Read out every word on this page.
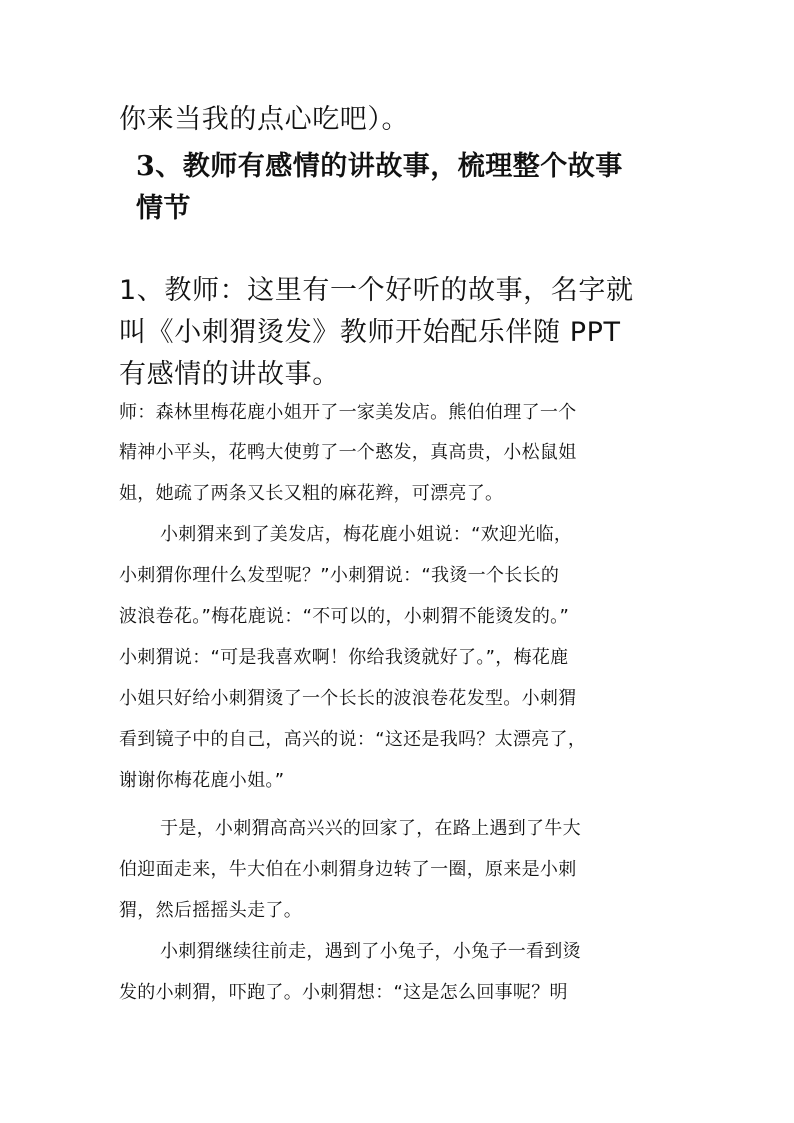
你来当我的点心吃吧）。

3、教师有感情的讲故事，梳理整个故事

情节

1、教师：这里有一个好听的故事，名字就

叫《小刺猬烫发》教师开始配乐伴随 PPT

有感情的讲故事。

师：森林里梅花鹿小姐开了一家美发店。熊伯伯理了一个

精神小平头，花鸭大使剪了一个憨发，真高贵，小松鼠姐

姐，她疏了两条又长又粗的麻花辫，可漂亮了。

小刺猬来到了美发店，梅花鹿小姐说：“欢迎光临，

小刺猬你理什么发型呢？”小刺猬说：“我烫一个长长的

波浪卷花。”梅花鹿说：“不可以的，小刺猬不能烫发的。”

小刺猬说：“可是我喜欢啊！你给我烫就好了。”，梅花鹿

小姐只好给小刺猬烫了一个长长的波浪卷花发型。小刺猬

看到镜子中的自己，高兴的说：“这还是我吗？太漂亮了，

谢谢你梅花鹿小姐。”

于是，小刺猬高高兴兴的回家了，在路上遇到了牛大

伯迎面走来，牛大伯在小刺猬身边转了一圈，原来是小刺

猬，然后摇摇头走了。

小刺猬继续往前走，遇到了小兔子，小兔子一看到烫

发的小刺猬，吓跑了。小刺猬想：“这是怎么回事呢？明
